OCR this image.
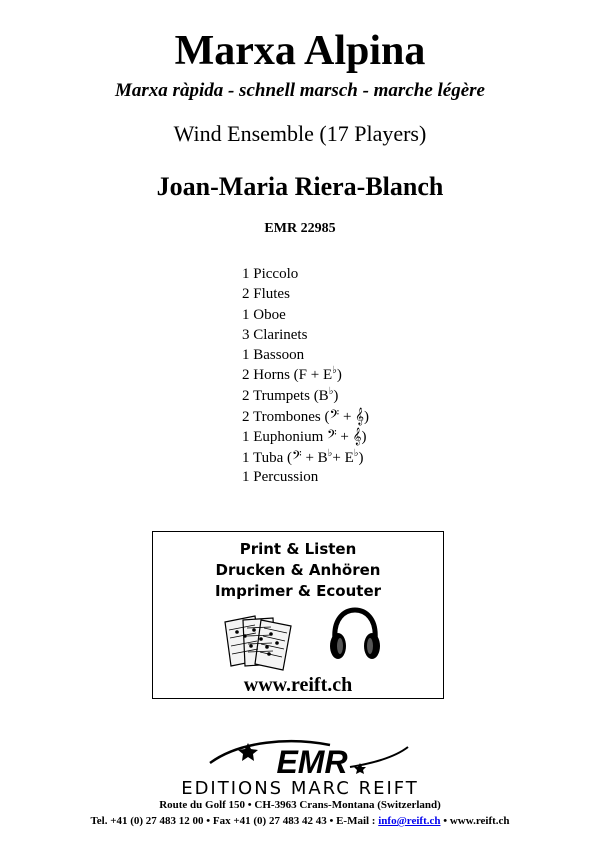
Marxa Alpina
Marxa ràpida - schnell marsch - marche légère
Wind Ensemble (17 Players)
Joan-Maria Riera-Blanch
EMR 22985
1 Piccolo
2 Flutes
1 Oboe
3 Clarinets
1 Bassoon
2 Horns (F + E♭)
2 Trumpets (B♭)
2 Trombones (𝄢 + 𝄞)
1 Euphonium 𝄢 + 𝄞)
1 Tuba (𝄢 + B♭+ E♭)
1 Percussion
Print & Listen
Drucken & Anhören
Imprimer & Ecouter
www.reift.ch
EMR
EDITIONS MARC REIFT
Route du Golf 150 • CH-3963 Crans-Montana (Switzerland)
Tel. +41 (0) 27 483 12 00 • Fax +41 (0) 27 483 42 43 • E-Mail : info@reift.ch • www.reift.ch
